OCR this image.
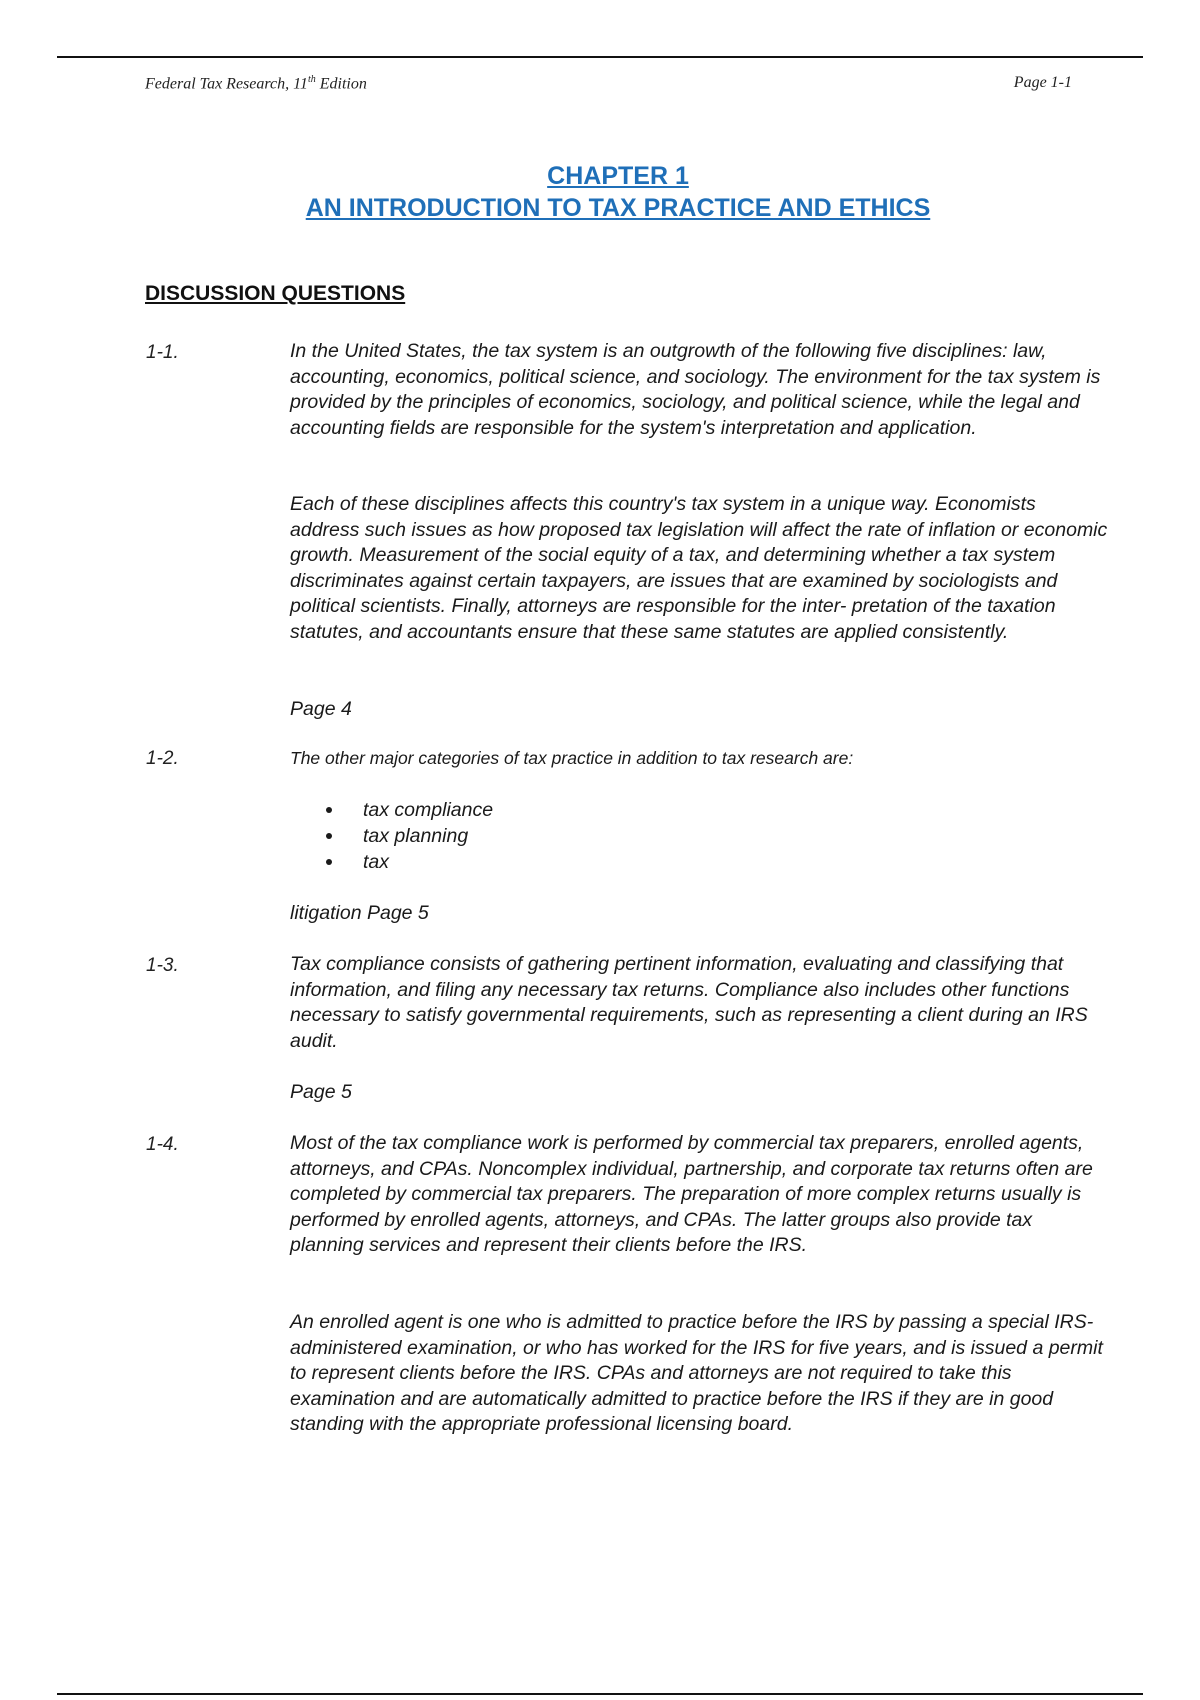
Federal Tax Research, 11th Edition	Page 1-1
CHAPTER 1
AN INTRODUCTION TO TAX PRACTICE AND ETHICS
DISCUSSION QUESTIONS
1-1.	In the United States, the tax system is an outgrowth of the following five disciplines: law, accounting, economics, political science, and sociology. The environment for the tax system is provided by the principles of economics, sociology, and political science, while the legal and accounting fields are responsible for the system's interpretation and application.

Each of these disciplines affects this country's tax system in a unique way. Economists address such issues as how proposed tax legislation will affect the rate of inflation or economic growth. Measurement of the social equity of a tax, and determining whether a tax system discriminates against certain taxpayers, are issues that are examined by sociologists and political scientists. Finally, attorneys are responsible for the inter- pretation of the taxation statutes, and accountants ensure that these same statutes are applied consistently.

Page 4

1-2.	The other major categories of tax practice in addition to tax research are:

tax compliance
tax planning
tax

litigation Page 5

1-3.	Tax compliance consists of gathering pertinent information, evaluating and classifying that information, and filing any necessary tax returns. Compliance also includes other functions necessary to satisfy governmental requirements, such as representing a client during an IRS audit.

Page 5

1-4.	Most of the tax compliance work is performed by commercial tax preparers, enrolled agents, attorneys, and CPAs. Noncomplex individual, partnership, and corporate tax returns often are completed by commercial tax preparers. The preparation of more complex returns usually is performed by enrolled agents, attorneys, and CPAs. The latter groups also provide tax planning services and represent their clients before the IRS.

An enrolled agent is one who is admitted to practice before the IRS by passing a special IRS-administered examination, or who has worked for the IRS for five years, and is issued a permit to represent clients before the IRS. CPAs and attorneys are not required to take this examination and are automatically admitted to practice before the IRS if they are in good standing with the appropriate professional licensing board.
